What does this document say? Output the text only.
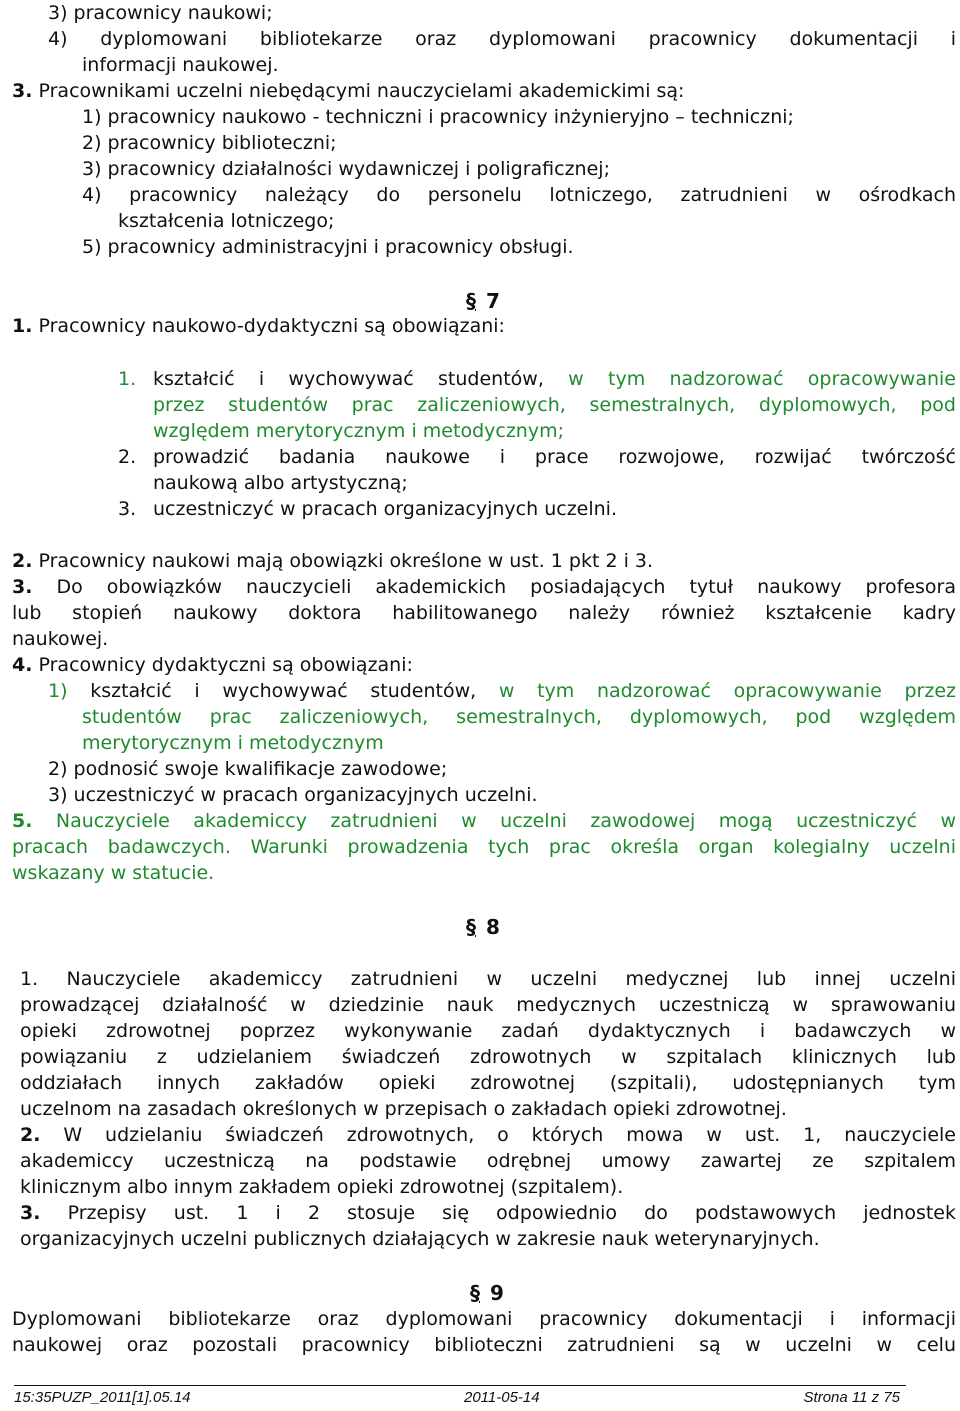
3) pracownicy naukowi;
4) dyplomowani bibliotekarze oraz dyplomowani pracownicy dokumentacji i
informacji naukowej.
3. Pracownikami uczelni niebędącymi nauczycielami akademickimi są:
1) pracownicy naukowo - techniczni i pracownicy inżynieryjno – techniczni;
2) pracownicy biblioteczni;
3) pracownicy działalności wydawniczej i poligraficznej;
4) pracownicy należący do personelu lotniczego, zatrudnieni w ośrodkach
kształcenia lotniczego;
5) pracownicy administracyjni i pracownicy obsługi.
§ 7
1. Pracownicy naukowo-dydaktyczni są obowiązani:
1. kształcić i wychowywać studentów, w tym nadzorować opracowywanie
przez studentów prac zaliczeniowych, semestralnych, dyplomowych, pod
względem merytorycznym i metodycznym;
2. prowadzić badania naukowe i prace rozwojowe, rozwijać twórczość
naukową albo artystyczną;
3. uczestniczyć w pracach organizacyjnych uczelni.
2. Pracownicy naukowi mają obowiązki określone w ust. 1 pkt 2 i 3.
3. Do obowiązków nauczycieli akademickich posiadających tytuł naukowy profesora
lub stopień naukowy doktora habilitowanego należy również kształcenie kadry
naukowej.
4. Pracownicy dydaktyczni są obowiązani:
1) kształcić i wychowywać studentów, w tym nadzorować opracowywanie przez
studentów prac zaliczeniowych, semestralnych, dyplomowych, pod względem
merytorycznym i metodycznym
2) podnosić swoje kwalifikacje zawodowe;
3) uczestniczyć w pracach organizacyjnych uczelni.
5. Nauczyciele akademiccy zatrudnieni w uczelni zawodowej mogą uczestniczyć w
pracach badawczych. Warunki prowadzenia tych prac określa organ kolegialny uczelni
wskazany w statucie.
§ 8
1. Nauczyciele akademiccy zatrudnieni w uczelni medycznej lub innej uczelni
prowadzącej działalność w dziedzinie nauk medycznych uczestniczą w sprawowaniu
opieki zdrowotnej poprzez wykonywanie zadań dydaktycznych i badawczych w
powiązaniu z udzielaniem świadczeń zdrowotnych w szpitalach klinicznych lub
oddziałach innych zakładów opieki zdrowotnej (szpitali), udostępnianych tym
uczelnom na zasadach określonych w przepisach o zakładach opieki zdrowotnej.
2. W udzielaniu świadczeń zdrowotnych, o których mowa w ust. 1, nauczyciele
akademiccy uczestniczą na podstawie odrębnej umowy zawartej ze szpitalem
klinicznym albo innym zakładem opieki zdrowotnej (szpitalem).
3. Przepisy ust. 1 i 2 stosuje się odpowiednio do podstawowych jednostek
organizacyjnych uczelni publicznych działających w zakresie nauk weterynaryjnych.
§ 9
Dyplomowani bibliotekarze oraz dyplomowani pracownicy dokumentacji i informacji
naukowej oraz pozostali pracownicy biblioteczni zatrudnieni są w uczelni w celu
15:35PUZP_2011[1].05.14	2011-05-14	Strona 11 z 75
